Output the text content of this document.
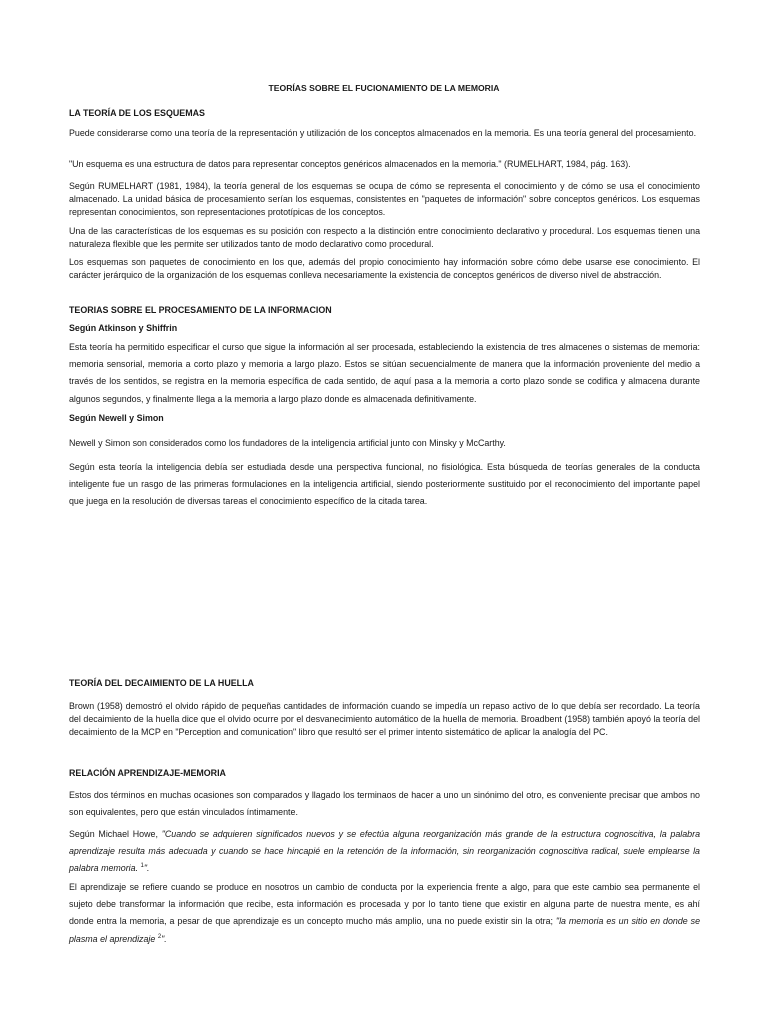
TEORÍAS SOBRE EL FUCIONAMIENTO DE LA MEMORIA
LA TEORÍA DE LOS ESQUEMAS

Puede considerarse como una teoría de la representación y utilización de los conceptos almacenados en la memoria. Es una teoría general del procesamiento.

"Un esquema es una estructura de datos para representar conceptos genéricos almacenados en la memoria." (RUMELHART, 1984, pág. 163).

Según RUMELHART (1981, 1984), la teoría general de los esquemas se ocupa de cómo se representa el conocimiento y de cómo se usa el conocimiento almacenado. La unidad básica de procesamiento serían los esquemas, consistentes en "paquetes de información" sobre conceptos genéricos. Los esquemas representan conocimientos, son representaciones prototípicas de los conceptos.

Una de las características de los esquemas es su posición con respecto a la distinción entre conocimiento declarativo y procedural. Los esquemas tienen una naturaleza flexible que les permite ser utilizados tanto de modo declarativo como procedural.

Los esquemas son paquetes de conocimiento en los que, además del propio conocimiento hay información sobre cómo debe usarse ese conocimiento. El carácter jerárquico de la organización de los esquemas conlleva necesariamente la existencia de conceptos genéricos de diverso nivel de abstracción.

TEORIAS SOBRE EL PROCESAMIENTO DE LA INFORMACION
Según Atkinson y Shiffrin

Esta teoría ha permitido especificar el curso que sigue la información al ser procesada, estableciendo la existencia de tres almacenes o sistemas de memoria: memoria sensorial, memoria a corto plazo y memoria a largo plazo. Estos se sitúan secuencialmente de manera que la información proveniente del medio a través de los sentidos, se registra en la memoria específica de cada sentido, de aquí pasa a la memoria a corto plazo sonde se codifica y almacena durante algunos segundos, y finalmente llega a la memoria a largo plazo donde es almacenada definitivamente.

Según Newell y Simon

Newell y Simon son considerados como los fundadores de la inteligencia artificial junto con Minsky y McCarthy.

Según esta teoría la inteligencia debía ser estudiada desde una perspectiva funcional, no fisiológica. Esta búsqueda de teorías generales de la conducta inteligente fue un rasgo de las primeras formulaciones en la inteligencia artificial, siendo posteriormente sustituido por el reconocimiento del importante papel que juega en la resolución de diversas tareas el conocimiento específico de la citada tarea.

TEORÍA DEL DECAIMIENTO DE LA HUELLA

Brown (1958) demostró el olvido rápido de pequeñas cantidades de información cuando se impedía un repaso activo de lo que debía ser recordado. La teoría del decaimiento de la huella dice que el olvido ocurre por el desvanecimiento automático de la huella de memoria. Broadbent (1958) también apoyó la teoría del decaimiento de la MCP en "Perception and comunication" libro que resultó ser el primer intento sistemático de aplicar la analogía del PC.

RELACIÓN APRENDIZAJE-MEMORIA

Estos dos términos en muchas ocasiones son comparados y llagado los terminaos de hacer a uno un sinónimo del otro, es conveniente precisar que ambos no son equivalentes, pero que están vinculados íntimamente.

Según Michael Howe, "Cuando se adquieren significados nuevos y se efectúa alguna reorganización más grande de la estructura cognoscitiva, la palabra aprendizaje resulta más adecuada y cuando se hace hincapié en la retención de la información, sin reorganización cognoscitiva radical, suele emplearse la palabra memoria. $^1$".

El aprendizaje se refiere cuando se produce en nosotros un cambio de conducta por la experiencia frente a algo, para que este cambio sea permanente el sujeto debe transformar la información que recibe, esta información es procesada y por lo tanto tiene que existir en alguna parte de nuestra mente, es ahí donde entra la memoria, a pesar de que aprendizaje es un concepto mucho más amplio, una no puede existir sin la otra; "la memoria es un sitio en donde se plasma el aprendizaje $^2$".
